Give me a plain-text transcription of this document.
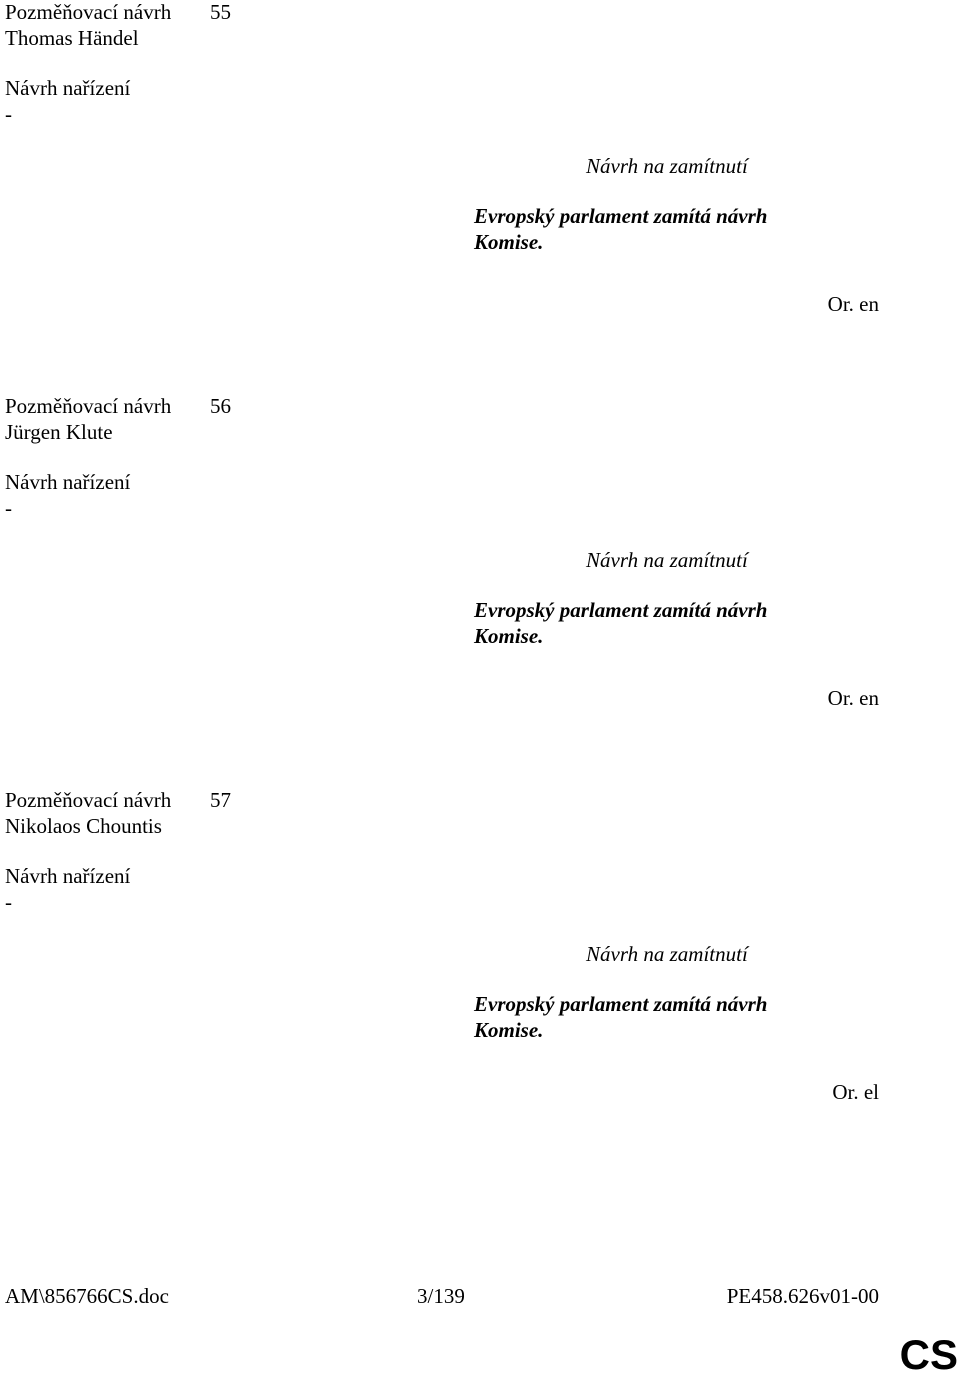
Pozměňovací návrh 55
Thomas Händel
Návrh nařízení
-
Návrh na zamítnutí
Evropský parlament zamítá návrh Komise.
Or. en
Pozměňovací návrh 56
Jürgen Klute
Návrh nařízení
-
Návrh na zamítnutí
Evropský parlament zamítá návrh Komise.
Or. en
Pozměňovací návrh 57
Nikolaos Chountis
Návrh nařízení
-
Návrh na zamítnutí
Evropský parlament zamítá návrh Komise.
Or. el
AM\856766CS.doc	3/139	PE458.626v01-00
CS
